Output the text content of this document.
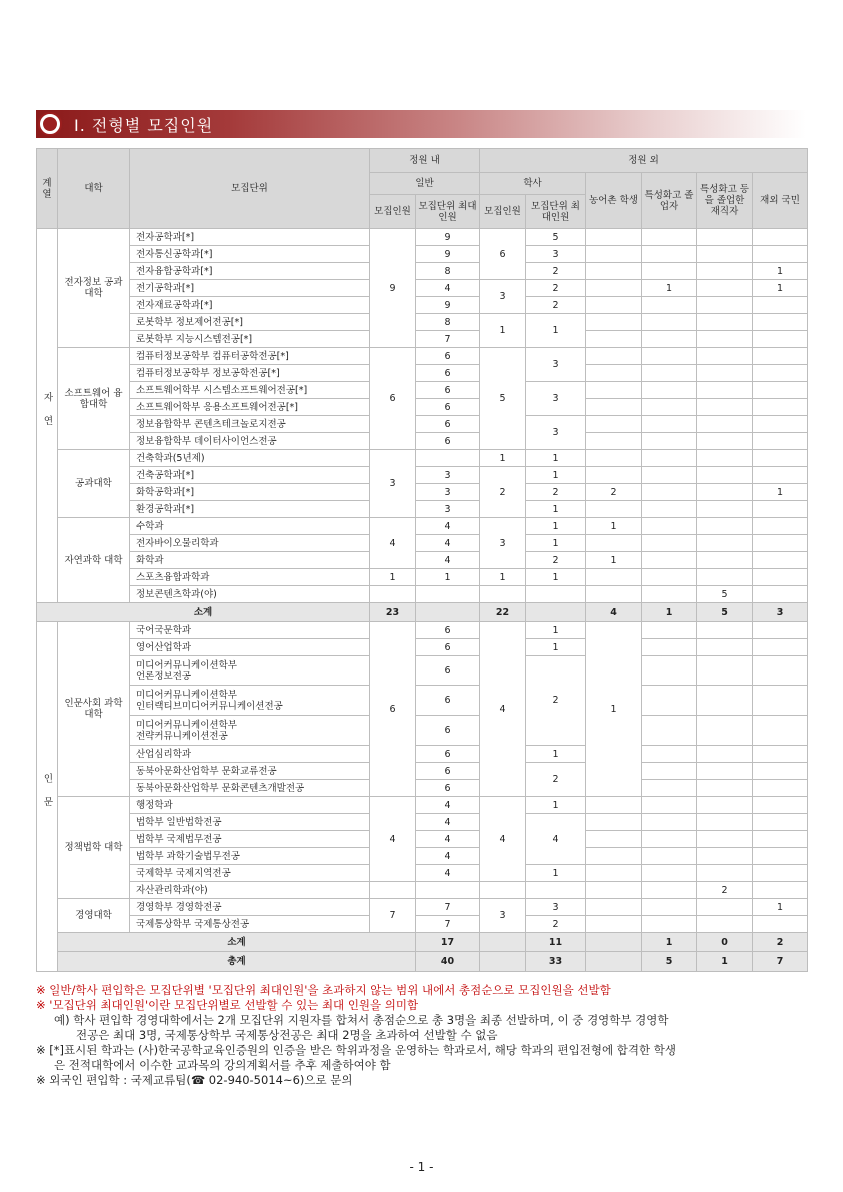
Ⅰ. 전형별 모집인원
계열	대학	모집단위	정원 내		정원 외						
			일반		학사		농어촌 학생	특성화고 졸업자	특성화고 등을 졸업한 재직자	재외 국민	
			모집인원	모집단위 최대인원	모집인원	모집단위 최대인원					

자연	전자정보 공과대학	전자공학과[*]	9	9	6	5					
		전자통신공학과[*]		9		3					
		전자융합공학과[*]		8		2				1	
		전기공학과[*]		4	3	2		1		1	
		전자재료공학과[*]		9		2					
		로봇학부 정보제어전공[*]		8	1	1					
		로봇학부 지능시스템전공[*]		7							
	소프트웨어 융합대학	컴퓨터정보공학부 컴퓨터공학전공[*]	6	6	5	3					
		컴퓨터정보공학부 정보공학전공[*]		6							
		소프트웨어학부 시스템소프트웨어전공[*]		6		3					
		소프트웨어학부 응용소프트웨어전공[*]		6							
		정보융합학부 콘텐츠테크놀로지전공		6		3					
		정보융합학부 데이터사이언스전공		6							
	공과대학	건축학과(5년제)	3		1	1					
		건축공학과[*]		3	2	1					
		화학공학과[*]		3		2	2			1	
		환경공학과[*]		3		1					
	자연과학 대학	수학과	4	4	3	1	1				
		전자바이오물리학과		4		1					
		화학과		4		2	1				
		스포츠융합과학과	1	1	1	1					
		정보콘텐츠학과(야)							5		
소계			23		22		4	1	5	3	

인문	인문사회 과학대학	국어국문학과	6	6	4	1	1				
		영어산업학과		6		1					

		미디어커뮤니케이션학부
언론정보전공		6		2					

		미디어커뮤니케이션학부
인터랙티브미디어커뮤니케이션전공		6							

		미디어커뮤니케이션학부
전략커뮤니케이션전공		6							
		산업심리학과		6		1					
		동북아문화산업학부 문화교류전공		6		2					
		동북아문화산업학부 문화콘텐츠개발전공		6							
	정책법학 대학	행정학과	4	4	4	1					
		법학부 일반법학전공		4		4					
		법학부 국제법무전공		4							
		법학부 과학기술법무전공		4							
		국제학부 국제지역전공		4		1					
		자산관리학과(야)							2		
	경영대학	경영학부 경영학전공	7	7	3	3				1	
		국제통상학부 국제통상전공		7		2					
	소계			17		11		1	0	2	
	총계			40		33		5	1	7	
※ 일반/학사 편입학은 모집단위별 '모집단위 최대인원'을 초과하지 않는 범위 내에서 총점순으로 모집인원을 선발함
※ '모집단위 최대인원'이란 모집단위별로 선발할 수 있는 최대 인원을 의미함
예) 학사 편입학 경영대학에서는 2개 모집단위 지원자를 합쳐서 총점순으로 총 3명을 최종 선발하며, 이 중 경영학부 경영학
전공은 최대 3명, 국제통상학부 국제통상전공은 최대 2명을 초과하여 선발할 수 없음
※ [*]표시된 학과는 (사)한국공학교육인증원의 인증을 받은 학위과정을 운영하는 학과로서, 해당 학과의 편입전형에 합격한 학생
은 전적대학에서 이수한 교과목의 강의계획서를 추후 제출하여야 함
※ 외국인 편입학 : 국제교류팀(☎ 02-940-5014~6)으로 문의
- 1 -
